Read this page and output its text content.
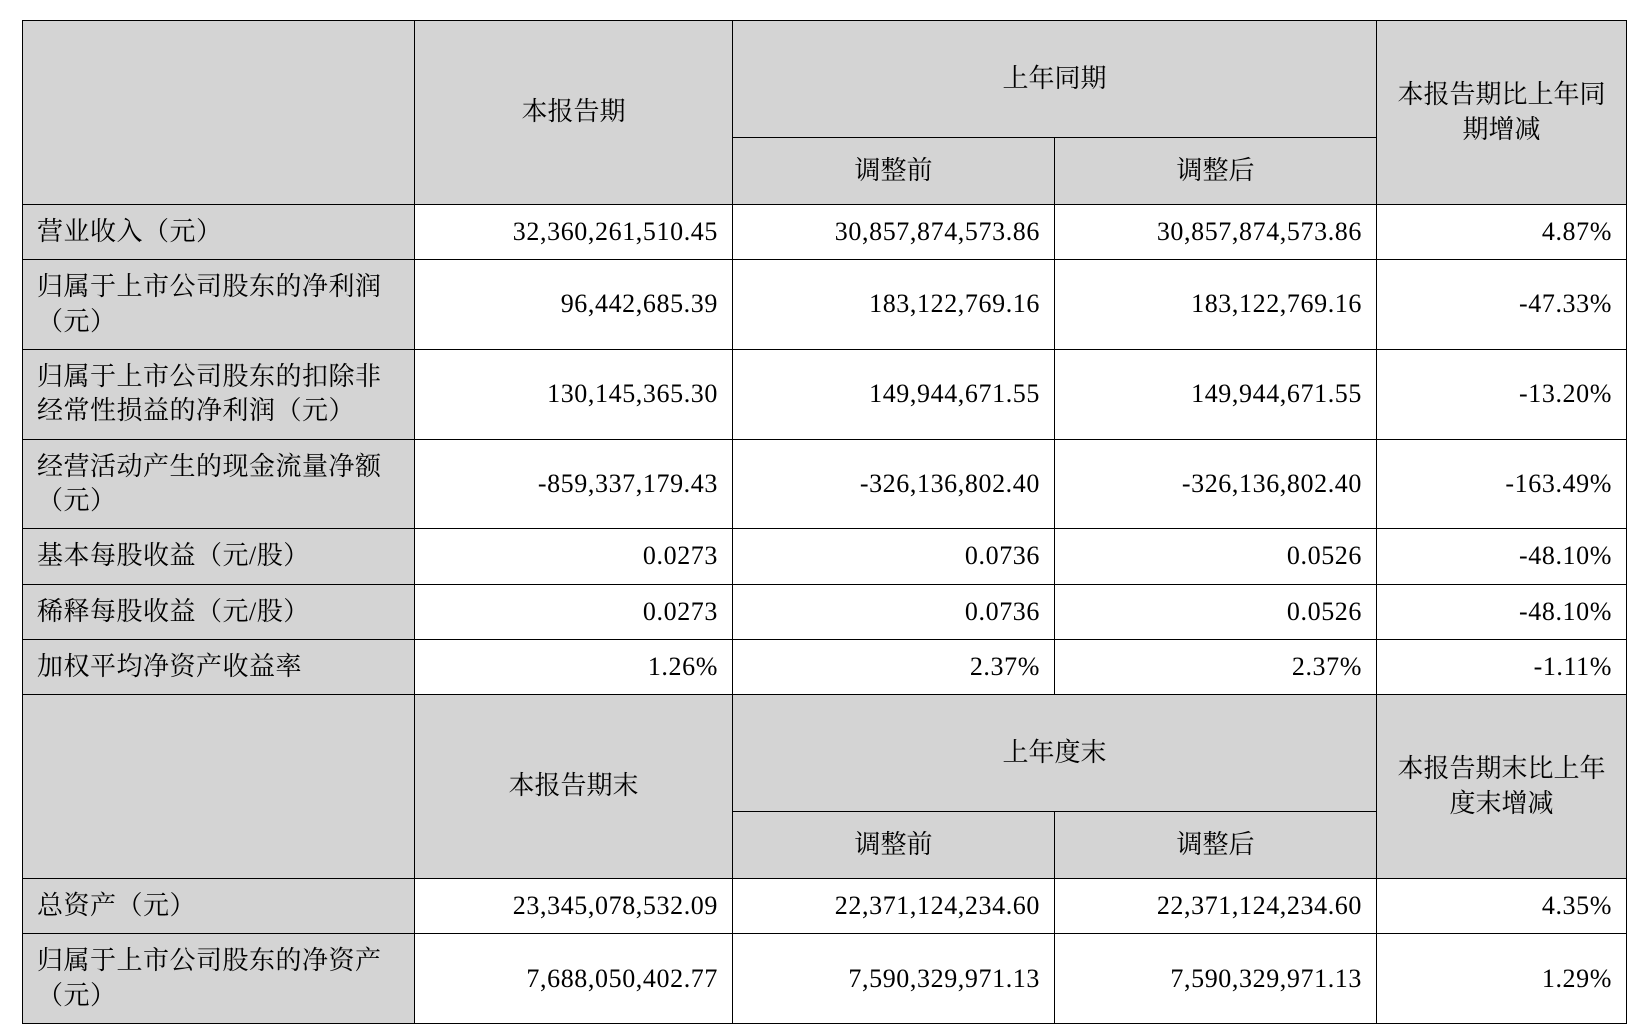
	本报告期	上年同期		本报告期比上年同期增减
		调整前	调整后	
营业收入（元）	32,360,261,510.45	30,857,874,573.86	30,857,874,573.86	4.87%
归属于上市公司股东的净利润（元）	96,442,685.39	183,122,769.16	183,122,769.16	-47.33%
归属于上市公司股东的扣除非经常性损益的净利润（元）	130,145,365.30	149,944,671.55	149,944,671.55	-13.20%
经营活动产生的现金流量净额（元）	-859,337,179.43	-326,136,802.40	-326,136,802.40	-163.49%
基本每股收益（元/股）	0.0273	0.0736	0.0526	-48.10%
稀释每股收益（元/股）	0.0273	0.0736	0.0526	-48.10%
加权平均净资产收益率	1.26%	2.37%	2.37%	-1.11%
	本报告期末	上年度末		本报告期末比上年度末增减
		调整前	调整后	
总资产（元）	23,345,078,532.09	22,371,124,234.60	22,371,124,234.60	4.35%
归属于上市公司股东的净资产（元）	7,688,050,402.77	7,590,329,971.13	7,590,329,971.13	1.29%
